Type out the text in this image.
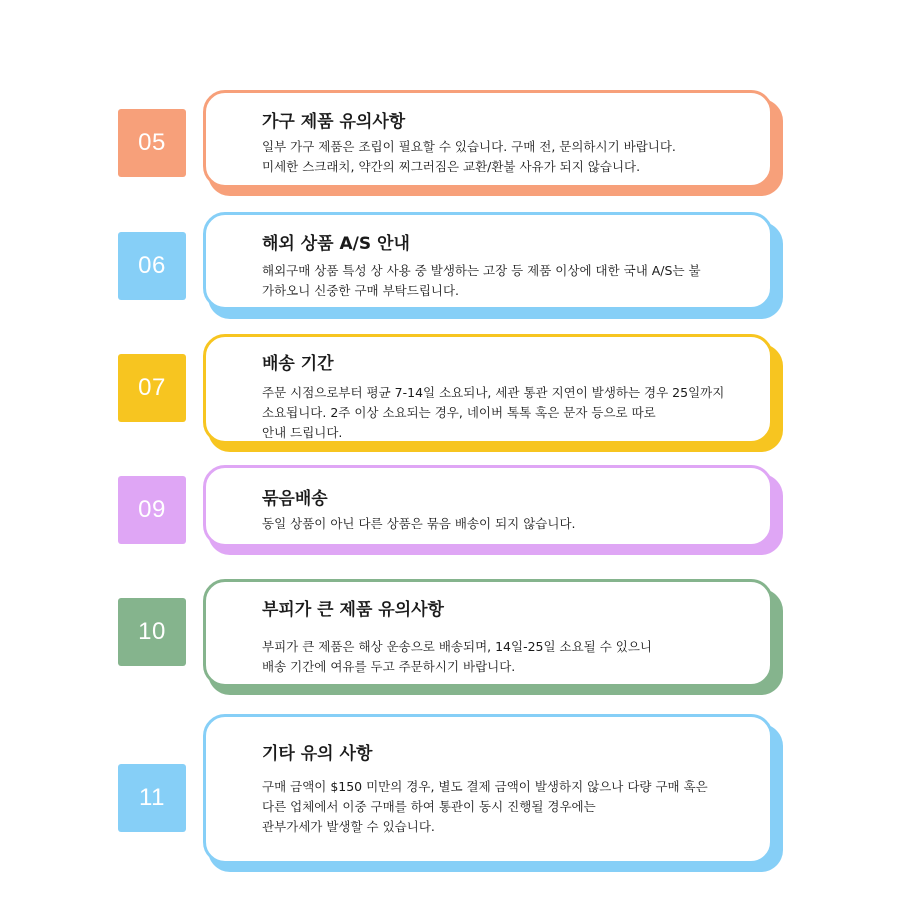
05
가구 제품 유의사항
일부 가구 제품은 조립이 필요할 수 있습니다. 구매 전, 문의하시기 바랍니다.
미세한 스크래치, 약간의 찌그러짐은 교환/환불 사유가 되지 않습니다.
06
해외 상품 A/S 안내
해외구매 상품 특성 상 사용 중 발생하는 고장 등 제품 이상에 대한 국내 A/S는 불
가하오니 신중한 구매 부탁드립니다.
07
배송 기간
주문 시점으로부터 평균 7-14일 소요되나, 세관 통관 지연이 발생하는 경우 25일까지
소요됩니다. 2주 이상 소요되는 경우, 네이버 톡톡 혹은 문자 등으로 따로
안내 드립니다.
09	묶음배송
동일 상품이 아닌 다른 상품은 묶음 배송이 되지 않습니다.
10
부피가 큰 제품 유의사항
부피가 큰 제품은 해상 운송으로 배송되며, 14일-25일 소요될 수 있으니
배송 기간에 여유를 두고 주문하시기 바랍니다.
11
기타 유의 사항
구매 금액이 $150 미만의 경우, 별도 결제 금액이 발생하지 않으나 다량 구매 혹은
다른 업체에서 이중 구매를 하여 통관이 동시 진행될 경우에는
관부가세가 발생할 수 있습니다.
